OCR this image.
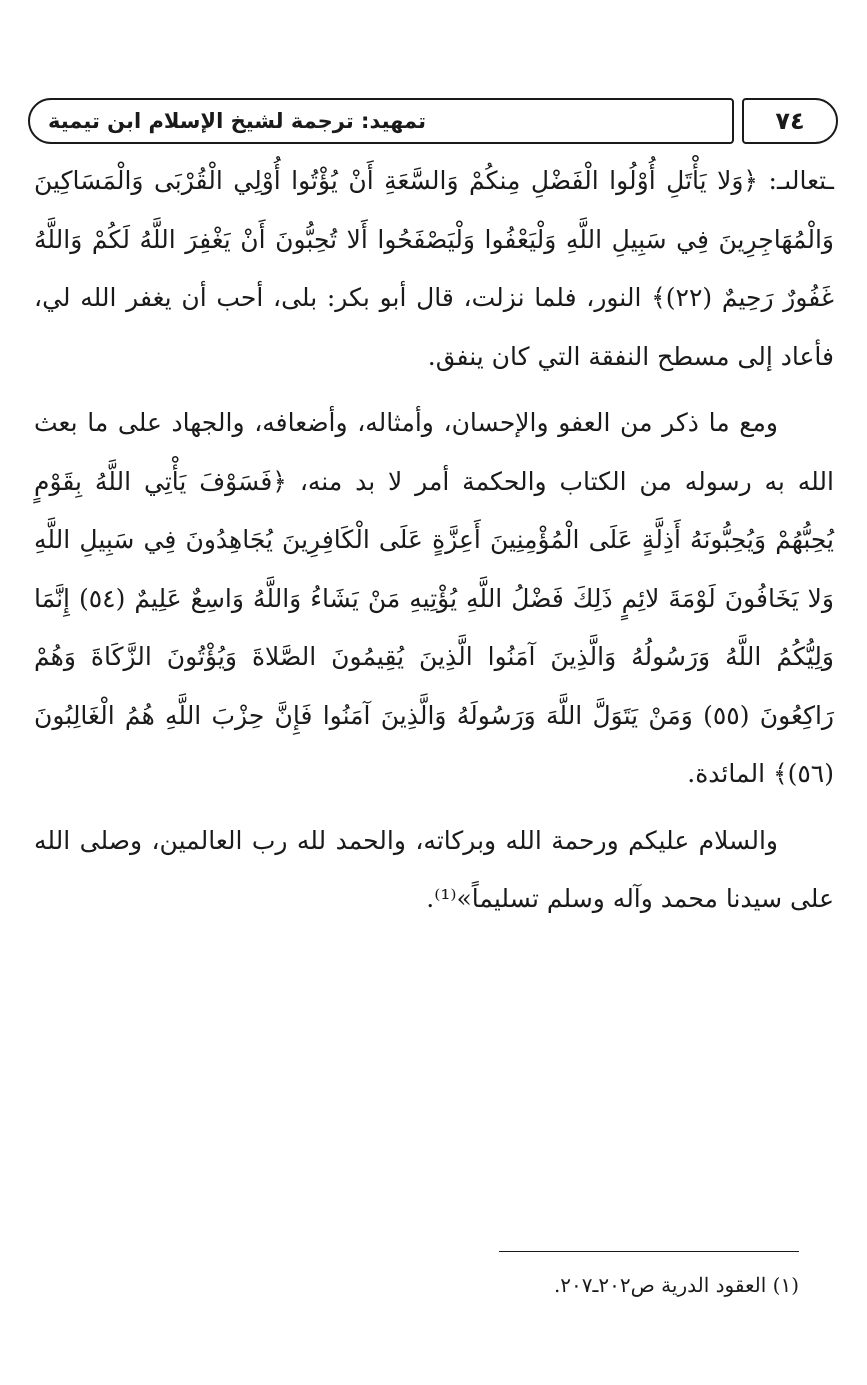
تمهيد: ترجمة لشيخ الإسلام ابن تيمية	٧٤

ـتعالىـ: ﴿وَلا يَأْتَلِ أُوْلُوا الْفَضْلِ مِنكُمْ وَالسَّعَةِ أَنْ يُؤْتُوا أُوْلِي الْقُرْبَى وَالْمَسَاكِينَ وَالْمُهَاجِرِينَ فِي سَبِيلِ اللَّهِ وَلْيَعْفُوا وَلْيَصْفَحُوا أَلا تُحِبُّونَ أَنْ يَغْفِرَ اللَّهُ لَكُمْ وَاللَّهُ غَفُورٌ رَحِيمٌ (٢٢)﴾ النور، فلما نزلت، قال أبو بكر: بلى، أحب أن يغفر الله لي، فأعاد إلى مسطح النفقة التي كان ينفق.

ومع ما ذكر من العفو والإحسان، وأمثاله، وأضعافه، والجهاد على ما بعث الله به رسوله من الكتاب والحكمة أمر لا بد منه، ﴿فَسَوْفَ يَأْتِي اللَّهُ بِقَوْمٍ يُحِبُّهُمْ وَيُحِبُّونَهُ أَذِلَّةٍ عَلَى الْمُؤْمِنِينَ أَعِزَّةٍ عَلَى الْكَافِرِينَ يُجَاهِدُونَ فِي سَبِيلِ اللَّهِ وَلا يَخَافُونَ لَوْمَةَ لائِمٍ ذَلِكَ فَضْلُ اللَّهِ يُؤْتِيهِ مَنْ يَشَاءُ وَاللَّهُ وَاسِعٌ عَلِيمٌ (٥٤) إِنَّمَا وَلِيُّكُمُ اللَّهُ وَرَسُولُهُ وَالَّذِينَ آمَنُوا الَّذِينَ يُقِيمُونَ الصَّلاةَ وَيُؤْتُونَ الزَّكَاةَ وَهُمْ رَاكِعُونَ (٥٥) وَمَنْ يَتَوَلَّ اللَّهَ وَرَسُولَهُ وَالَّذِينَ آمَنُوا فَإِنَّ حِزْبَ اللَّهِ هُمُ الْغَالِبُونَ (٥٦)﴾ المائدة.

والسلام عليكم ورحمة الله وبركاته، والحمد لله رب العالمين، وصلى الله على سيدنا محمد وآله وسلم تسليماً»⁽¹⁾.

(١) العقود الدرية ص٢٠٢ـ٢٠٧.
